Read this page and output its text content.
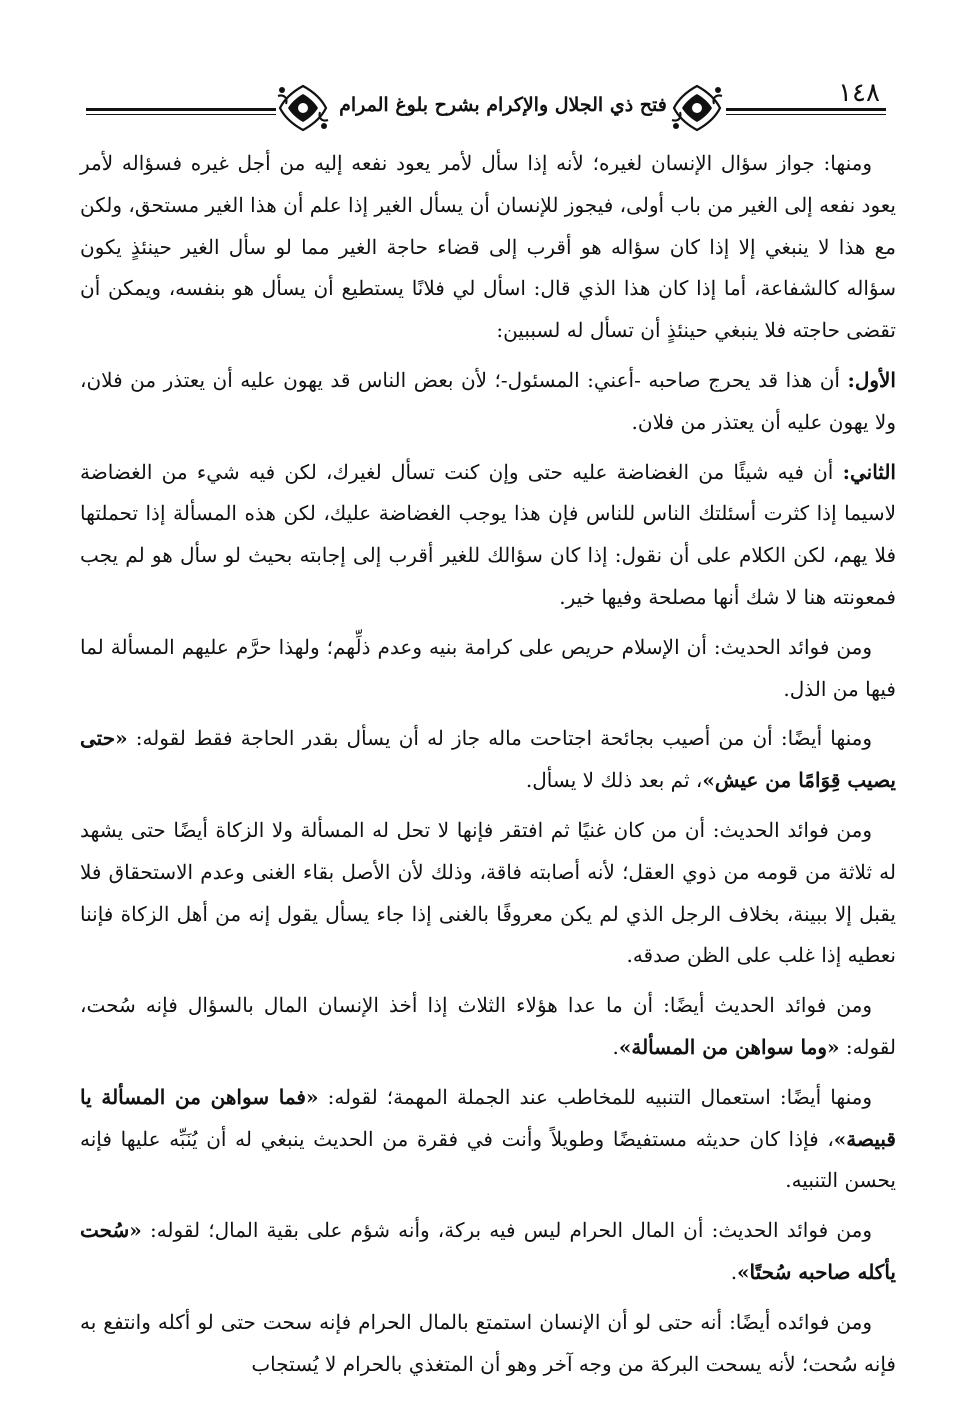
فتح ذي الجلال والإكرام بشرح بلوغ المرام	١٤٨

ومنها: جواز سؤال الإنسان لغيره؛ لأنه إذا سأل لأمر يعود نفعه إليه من أجل غيره فسؤاله لأمر يعود نفعه إلى الغير من باب أولى، فيجوز للإنسان أن يسأل الغير إذا علم أن هذا الغير مستحق، ولكن مع هذا لا ينبغي إلا إذا كان سؤاله هو أقرب إلى قضاء حاجة الغير مما لو سأل الغير حينئذٍ يكون سؤاله كالشفاعة، أما إذا كان هذا الذي قال: اسأل لي فلانًا يستطيع أن يسأل هو بنفسه، ويمكن أن تقضى حاجته فلا ينبغي حينئذٍ أن تسأل له لسببين:

الأول: أن هذا قد يحرج صاحبه -أعني: المسئول-؛ لأن بعض الناس قد يهون عليه أن يعتذر من فلان، ولا يهون عليه أن يعتذر من فلان.

الثاني: أن فيه شيئًا من الغضاضة عليه حتى وإن كنت تسأل لغيرك، لكن فيه شيء من الغضاضة لاسيما إذا كثرت أسئلتك الناس للناس فإن هذا يوجب الغضاضة عليك، لكن هذه المسألة إذا تحملتها فلا يهم، لكن الكلام على أن نقول: إذا كان سؤالك للغير أقرب إلى إجابته بحيث لو سأل هو لم يجب فمعونته هنا لا شك أنها مصلحة وفيها خير.

ومن فوائد الحديث: أن الإسلام حريص على كرامة بنيه وعدم ذلِّهم؛ ولهذا حرَّم عليهم المسألة لما فيها من الذل.

ومنها أيضًا: أن من أصيب بجائحة اجتاحت ماله جاز له أن يسأل بقدر الحاجة فقط لقوله: «حتى يصيب قِوَامًا من عيش»، ثم بعد ذلك لا يسأل.

ومن فوائد الحديث: أن من كان غنيًا ثم افتقر فإنها لا تحل له المسألة ولا الزكاة أيضًا حتى يشهد له ثلاثة من قومه من ذوي العقل؛ لأنه أصابته فاقة، وذلك لأن الأصل بقاء الغنى وعدم الاستحقاق فلا يقبل إلا ببينة، بخلاف الرجل الذي لم يكن معروفًا بالغنى إذا جاء يسأل يقول إنه من أهل الزكاة فإننا نعطيه إذا غلب على الظن صدقه.

ومن فوائد الحديث أيضًا: أن ما عدا هؤلاء الثلاث إذا أخذ الإنسان المال بالسؤال فإنه سُحت، لقوله: «وما سواهن من المسألة».

ومنها أيضًا: استعمال التنبيه للمخاطب عند الجملة المهمة؛ لقوله: «فما سواهن من المسألة يا قبيصة»، فإذا كان حديثه مستفيضًا وطويلاً وأنت في فقرة من الحديث ينبغي له أن يُنَبِّه عليها فإنه يحسن التنبيه.

ومن فوائد الحديث: أن المال الحرام ليس فيه بركة، وأنه شؤم على بقية المال؛ لقوله: «سُحت يأكله صاحبه سُحتًا».

ومن فوائده أيضًا: أنه حتى لو أن الإنسان استمتع بالمال الحرام فإنه سحت حتى لو أكله وانتفع به فإنه سُحت؛ لأنه يسحت البركة من وجه آخر وهو أن المتغذي بالحرام لا يُستجاب
